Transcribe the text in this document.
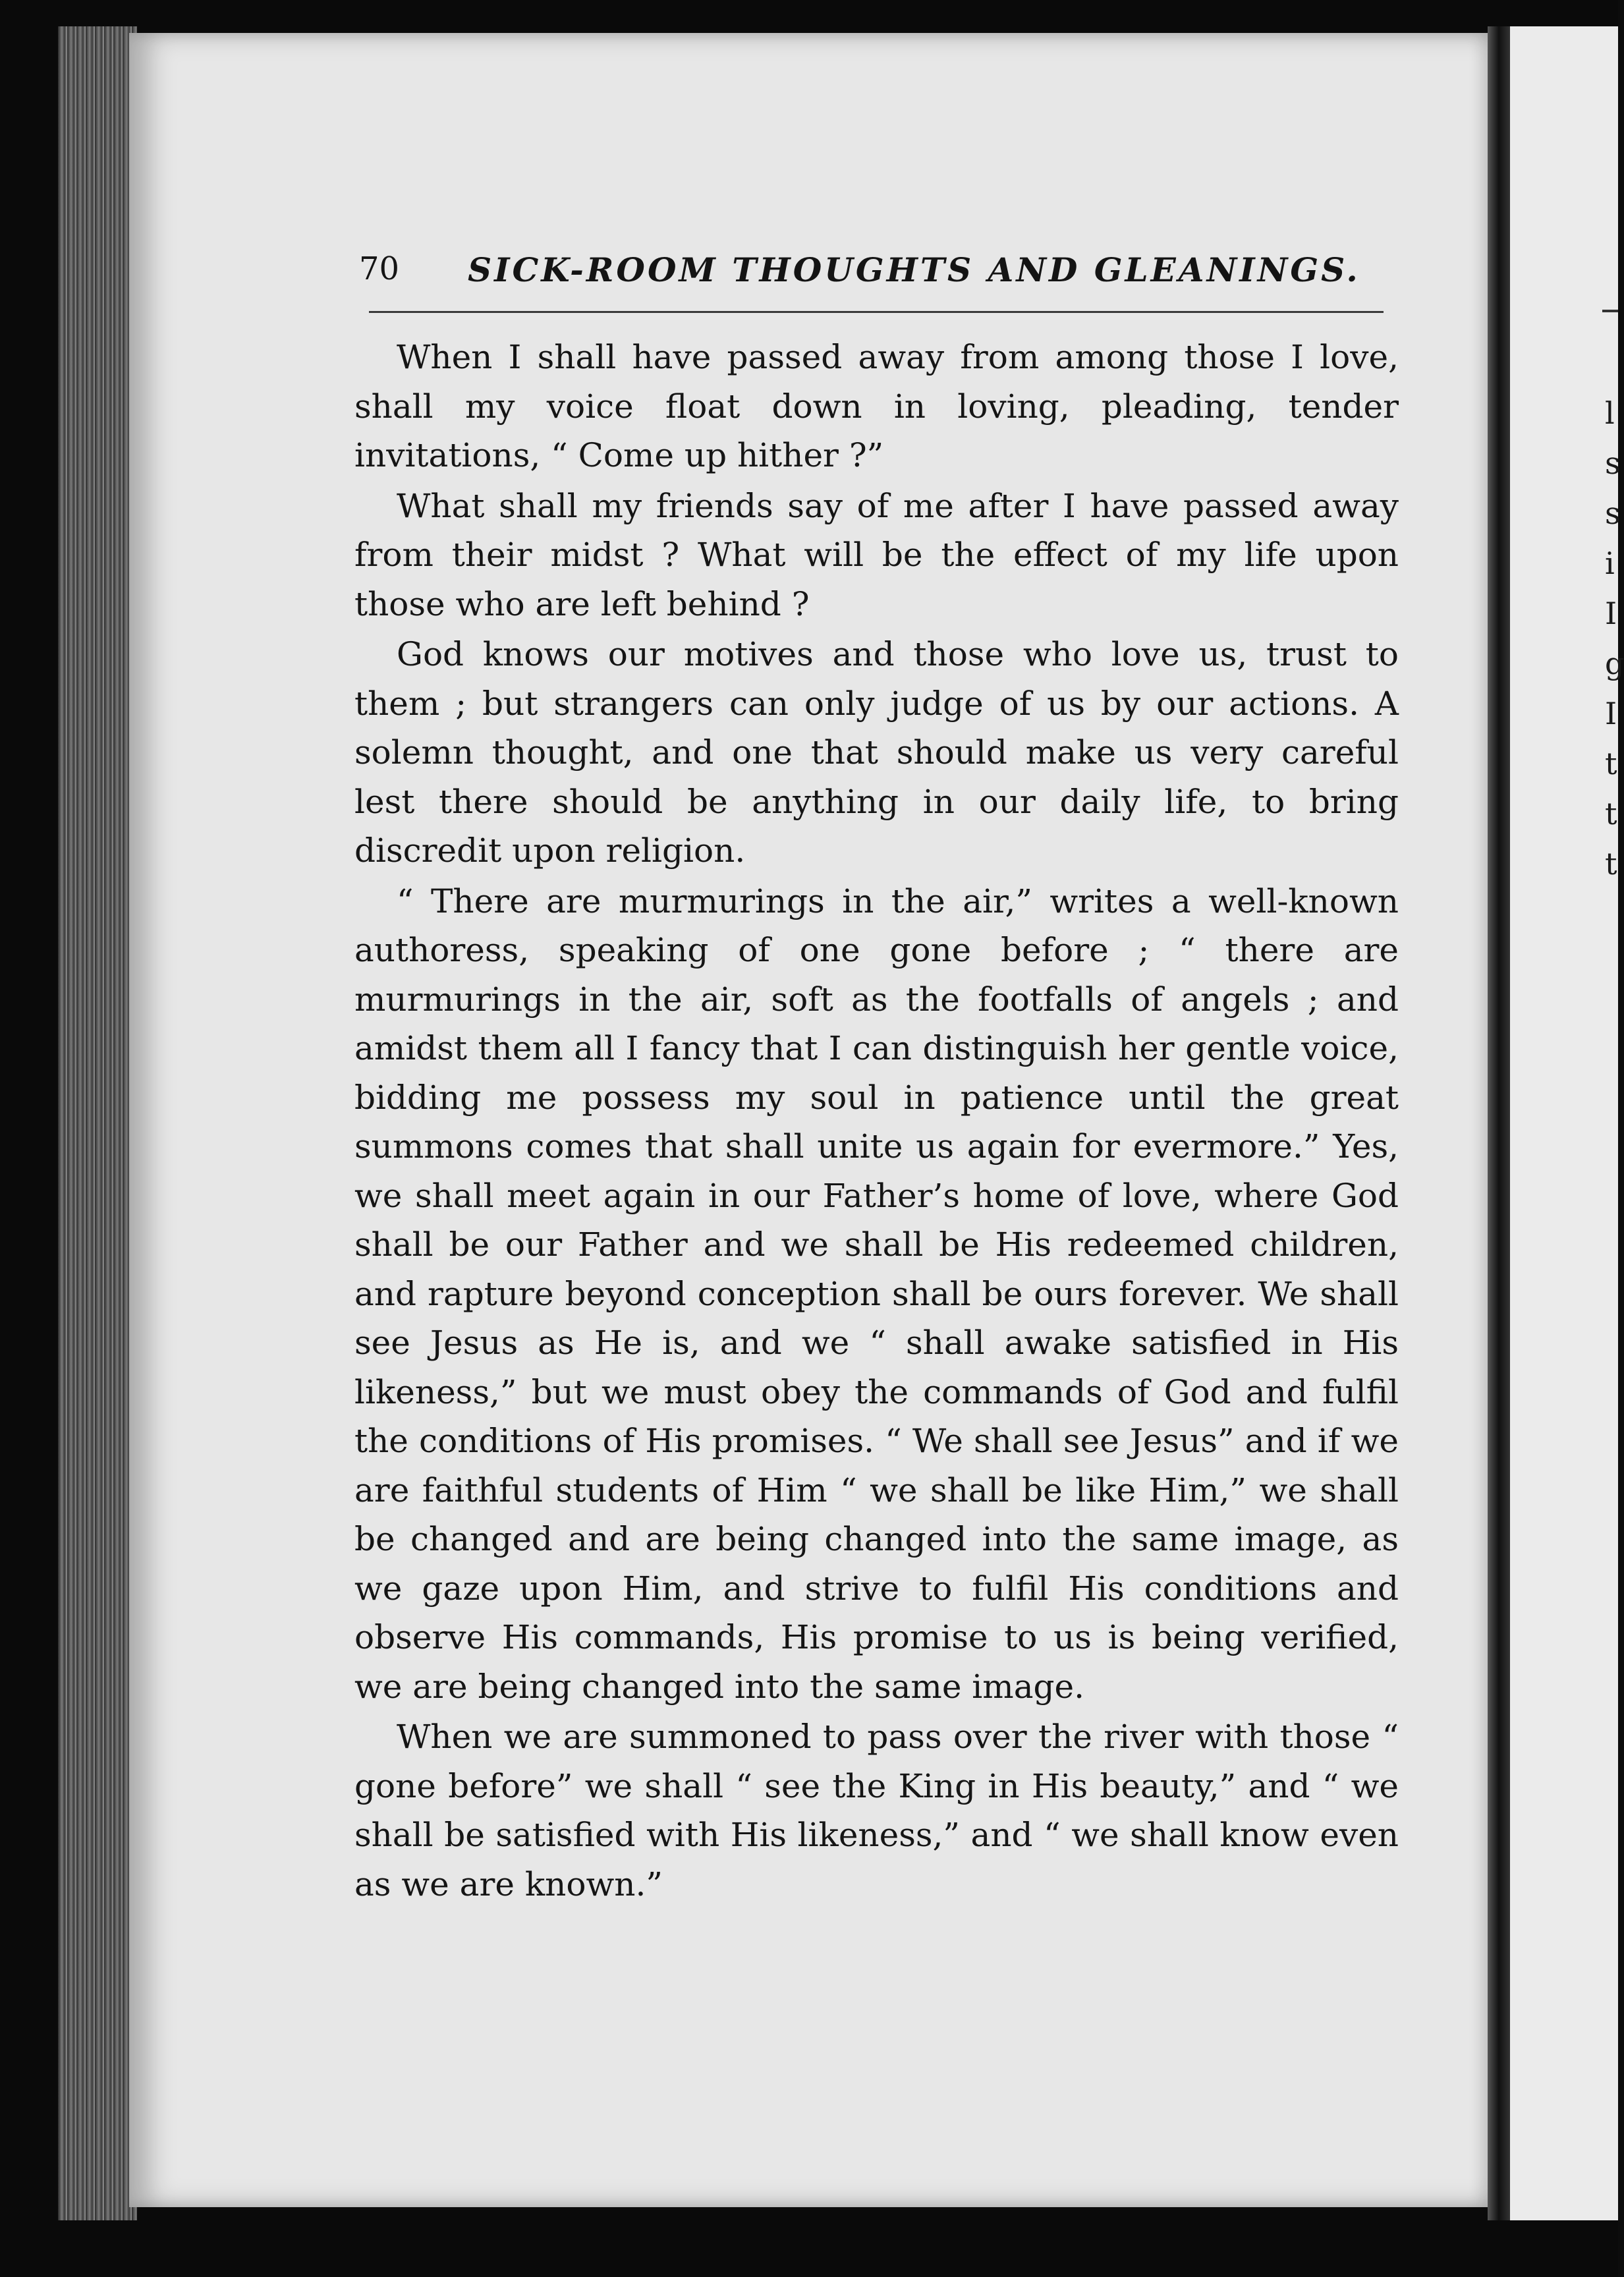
l
s
s
i
I
g
I
t
t
t
70 SICK-ROOM THOUGHTS AND GLEANINGS.

When I shall have passed away from among those I love, shall my voice float down in loving, pleading, tender invitations, “ Come up hither ?”

What shall my friends say of me after I have passed away from their midst ? What will be the effect of my life upon those who are left behind ?

God knows our motives and those who love us, trust to them ; but strangers can only judge of us by our actions. A solemn thought, and one that should make us very careful lest there should be anything in our daily life, to bring discredit upon religion.

“ There are murmurings in the air,” writes a well-known authoress, speaking of one gone before ; “ there are murmurings in the air, soft as the footfalls of angels ; and amidst them all I fancy that I can distinguish her gentle voice, bidding me possess my soul in patience until the great summons comes that shall unite us again for evermore.” Yes, we shall meet again in our Father’s home of love, where God shall be our Father and we shall be His redeemed children, and rapture beyond conception shall be ours forever. We shall see Jesus as He is, and we “ shall awake satisfied in His likeness,” but we must obey the commands of God and fulfil the conditions of His promises. “ We shall see Jesus” and if we are faithful students of Him “ we shall be like Him,” we shall be changed and are being changed into the same image, as we gaze upon Him, and strive to fulfil His conditions and observe His commands, His promise to us is being verified, we are being changed into the same image.

When we are summoned to pass over the river with those “ gone before” we shall “ see the King in His beauty,” and “ we shall be satisfied with His likeness,” and “ we shall know even as we are known.”
